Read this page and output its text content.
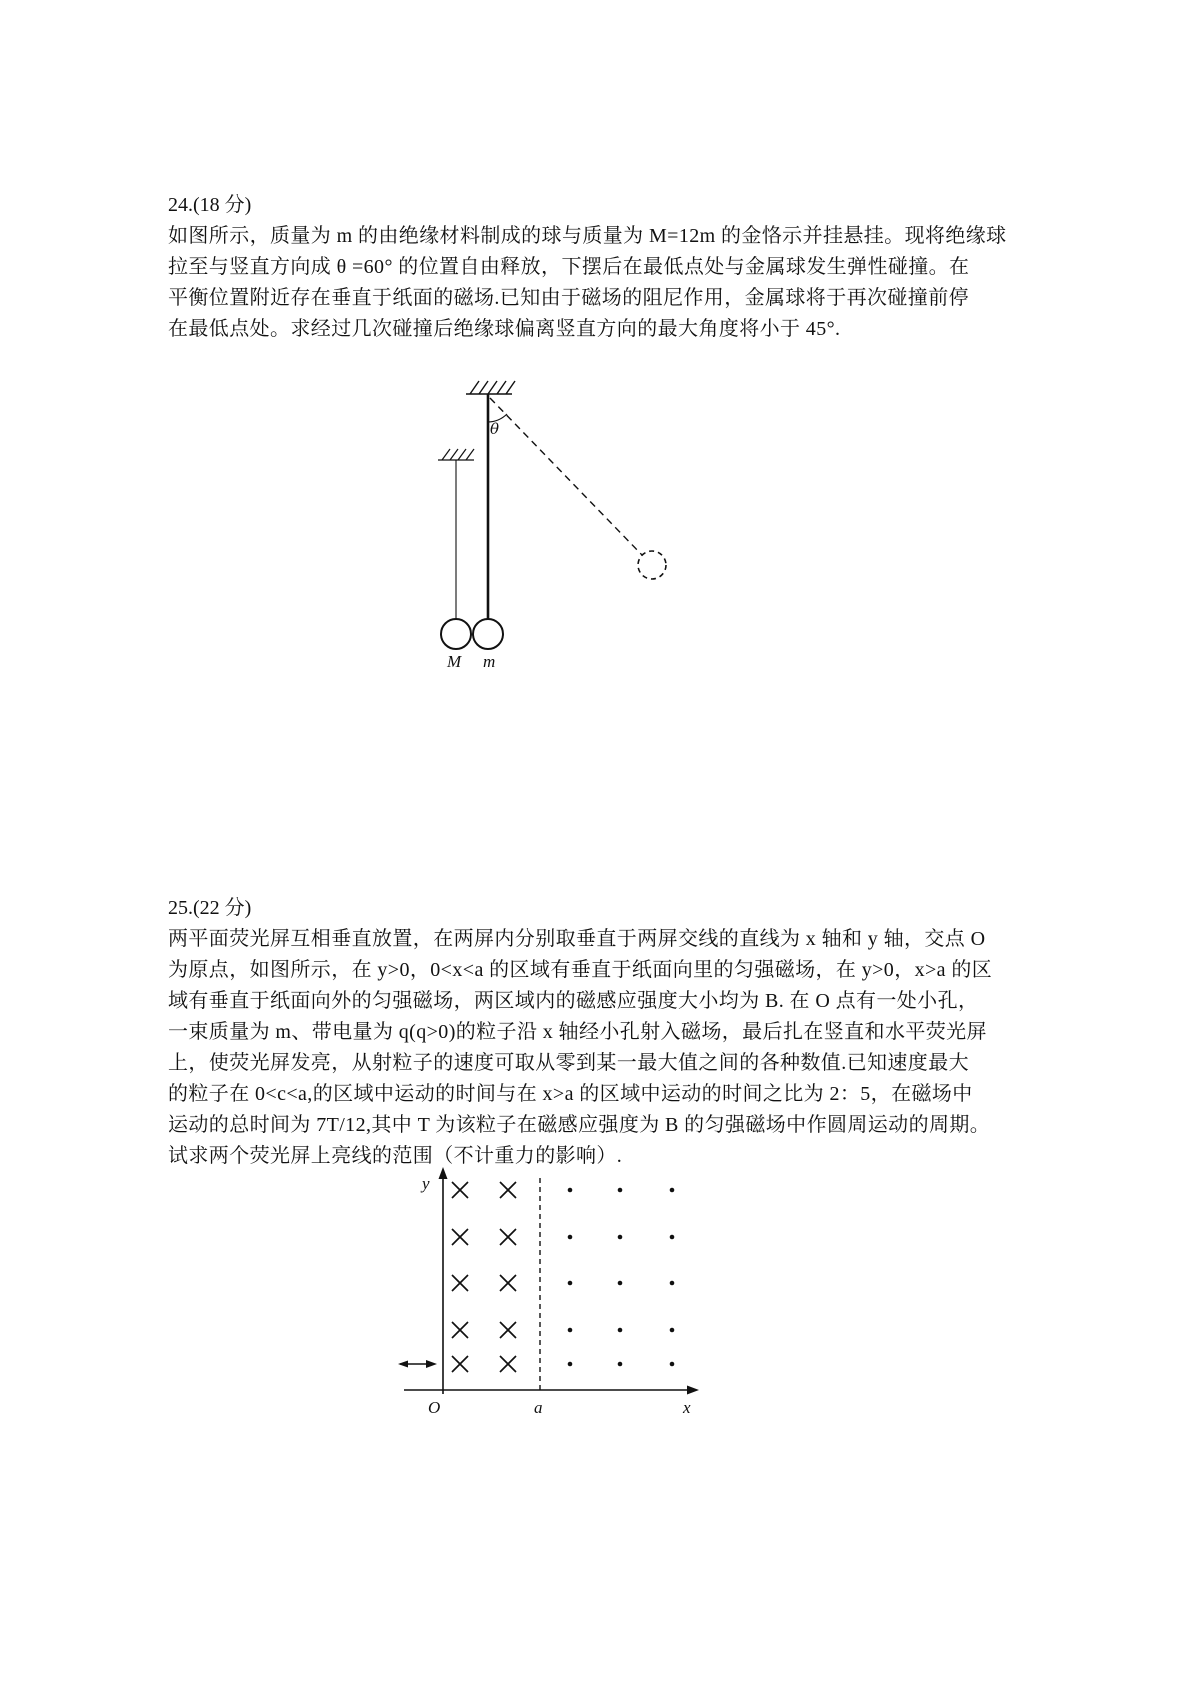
24.(18 分)
如图所示，质量为 m 的由绝缘材料制成的球与质量为 M=12m 的金恪示并挂悬挂。现将绝缘球
拉至与竖直方向成 θ =60° 的位置自由释放，下摆后在最低点处与金属球发生弹性碰撞。在
平衡位置附近存在垂直于纸面的磁场.已知由于磁场的阻尼作用，金属球将于再次碰撞前停
在最低点处。求经过几次碰撞后绝缘球偏离竖直方向的最大角度将小于 45°.
θ
M m
25.(22 分)
两平面荧光屏互相垂直放置，在两屏内分别取垂直于两屏交线的直线为 x 轴和 y 轴，交点 O
为原点，如图所示，在 y>0，0<x<a 的区域有垂直于纸面向里的匀强磁场，在 y>0，x>a 的区
域有垂直于纸面向外的匀强磁场，两区域内的磁感应强度大小均为 B. 在 O 点有一处小孔，
一束质量为 m、带电量为 q(q>0)的粒子沿 x 轴经小孔射入磁场，最后扎在竖直和水平荧光屏
上，使荧光屏发亮，从射粒子的速度可取从零到某一最大值之间的各种数值.已知速度最大
的粒子在 0<c<a,的区域中运动的时间与在 x>a 的区域中运动的时间之比为 2：5，在磁场中
运动的总时间为 7T/12,其中 T 为该粒子在磁感应强度为 B 的匀强磁场中作圆周运动的周期。
试求两个荧光屏上亮线的范围（不计重力的影响）.
y
x
O	a
